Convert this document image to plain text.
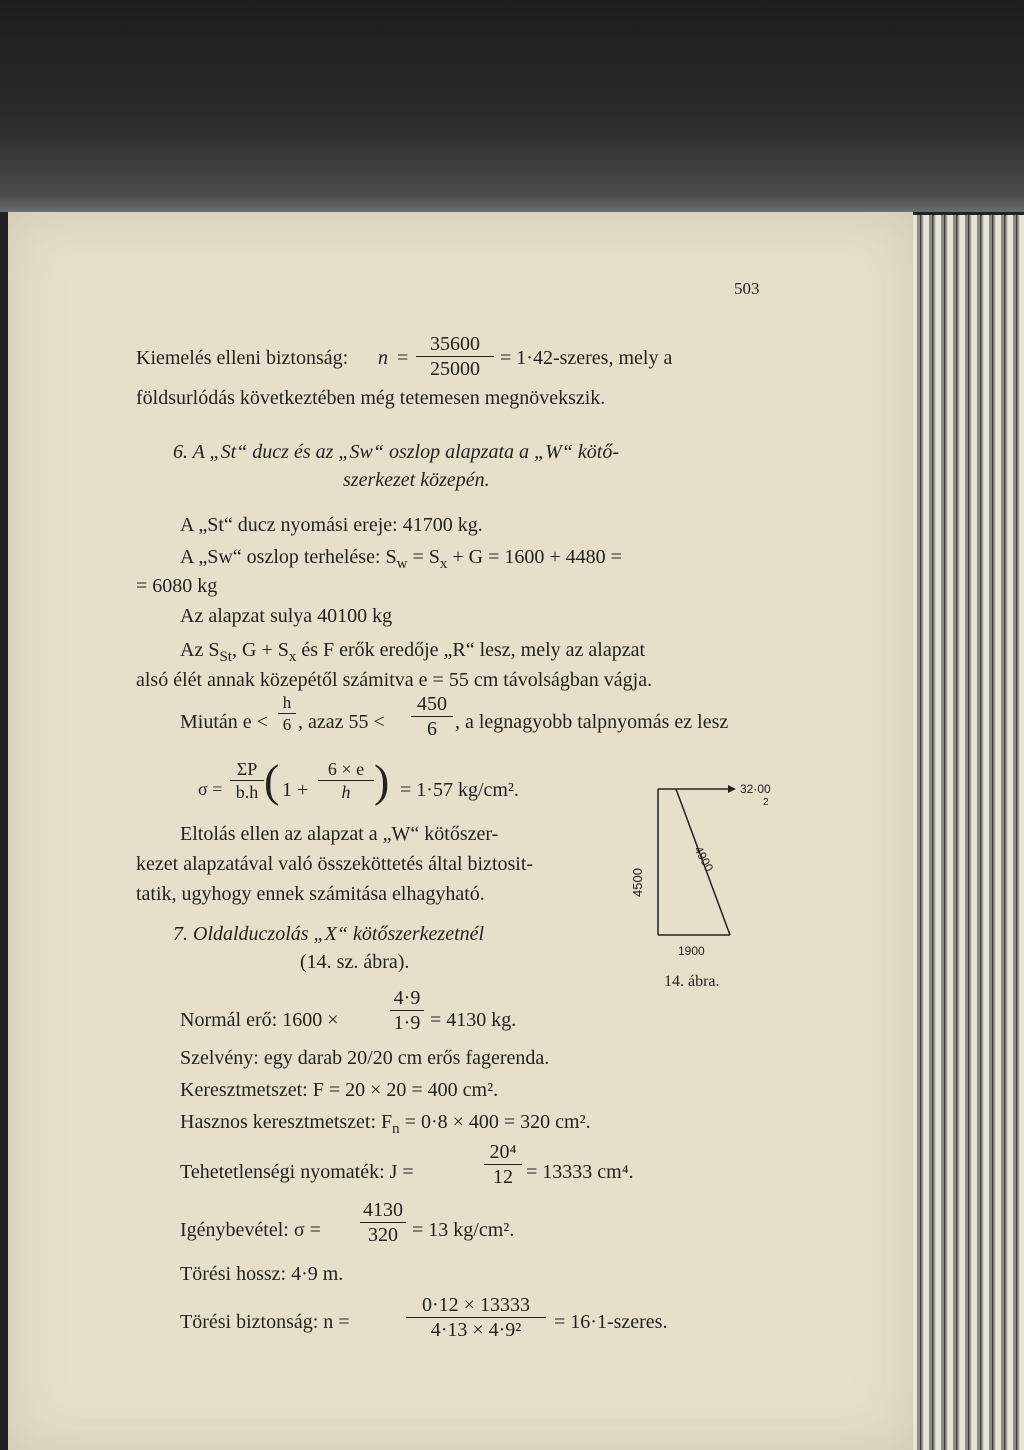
503
Kiemelés elleni biztonság: $n = \frac{35600}{25000}$ = 1·42-szeres, mely a
földsurlódás következtében még tetemesen megnövekszik.
6. A „St“ ducz és az „Sw“ oszlop alapzata a „W“ kötő-
szerkezet közepén.
A „St“ ducz nyomási ereje: 41700 kg.
A „Sw“ oszlop terhelése: $S_w = S_x + G = 1600 + 4480$ =
= 6080 kg
Az alapzat sulya 40100 kg
Az $S_{St}$, $G + S_x$ és F erők eredője „R“ lesz, mely az alapzat
alsó élét annak közepétől számitva e = 55 cm távolságban vágja.
Miután $e < \frac{h}{6}$ , azaz $55 < \frac{450}{6}$ , a legnagyobb talpnyomás ez lesz
$\sigma = \frac{\Sigma P}{b.h}$ ( $1 + \frac{6 \times e}{h}$ ) = 1·57 kg/cm².
Eltolás ellen az alapzat a „W“ kötőszer-
kezet alapzatával való összeköttetés által biztosit-
tatik, ugyhogy ennek számitása elhagyható.
7. Oldalduczolás „X“ kötőszerkezetnél
(14. sz. ábra).
Normál erő: 1600 ×	$\frac{4\cdot 9}{1\cdot 9} = 4130$ kg.
Szelvény: egy darab 20/20 cm erős fagerenda.
Keresztmetszet: F = 20 × 20 = 400 cm².
Hasznos keresztmetszet: $F_n = 0\cdot 8 \times 400 = 320$ cm².
Tehetetlenségi nyomaték: J =	$\frac{\text{20⁴}}{12} = 13333$ cm⁴.
Igénybevétel: $\sigma = \frac{4130}{320} = 13$ kg/cm².
Törési hossz: 4·9 m.
Törési biztonság: n =	$\frac{0\cdot 12 \times 13333}{\text{4·13 × 4·9²}}$ = 16·1-szeres.
32·00
2
4500
4900
1900
14. ábra.
